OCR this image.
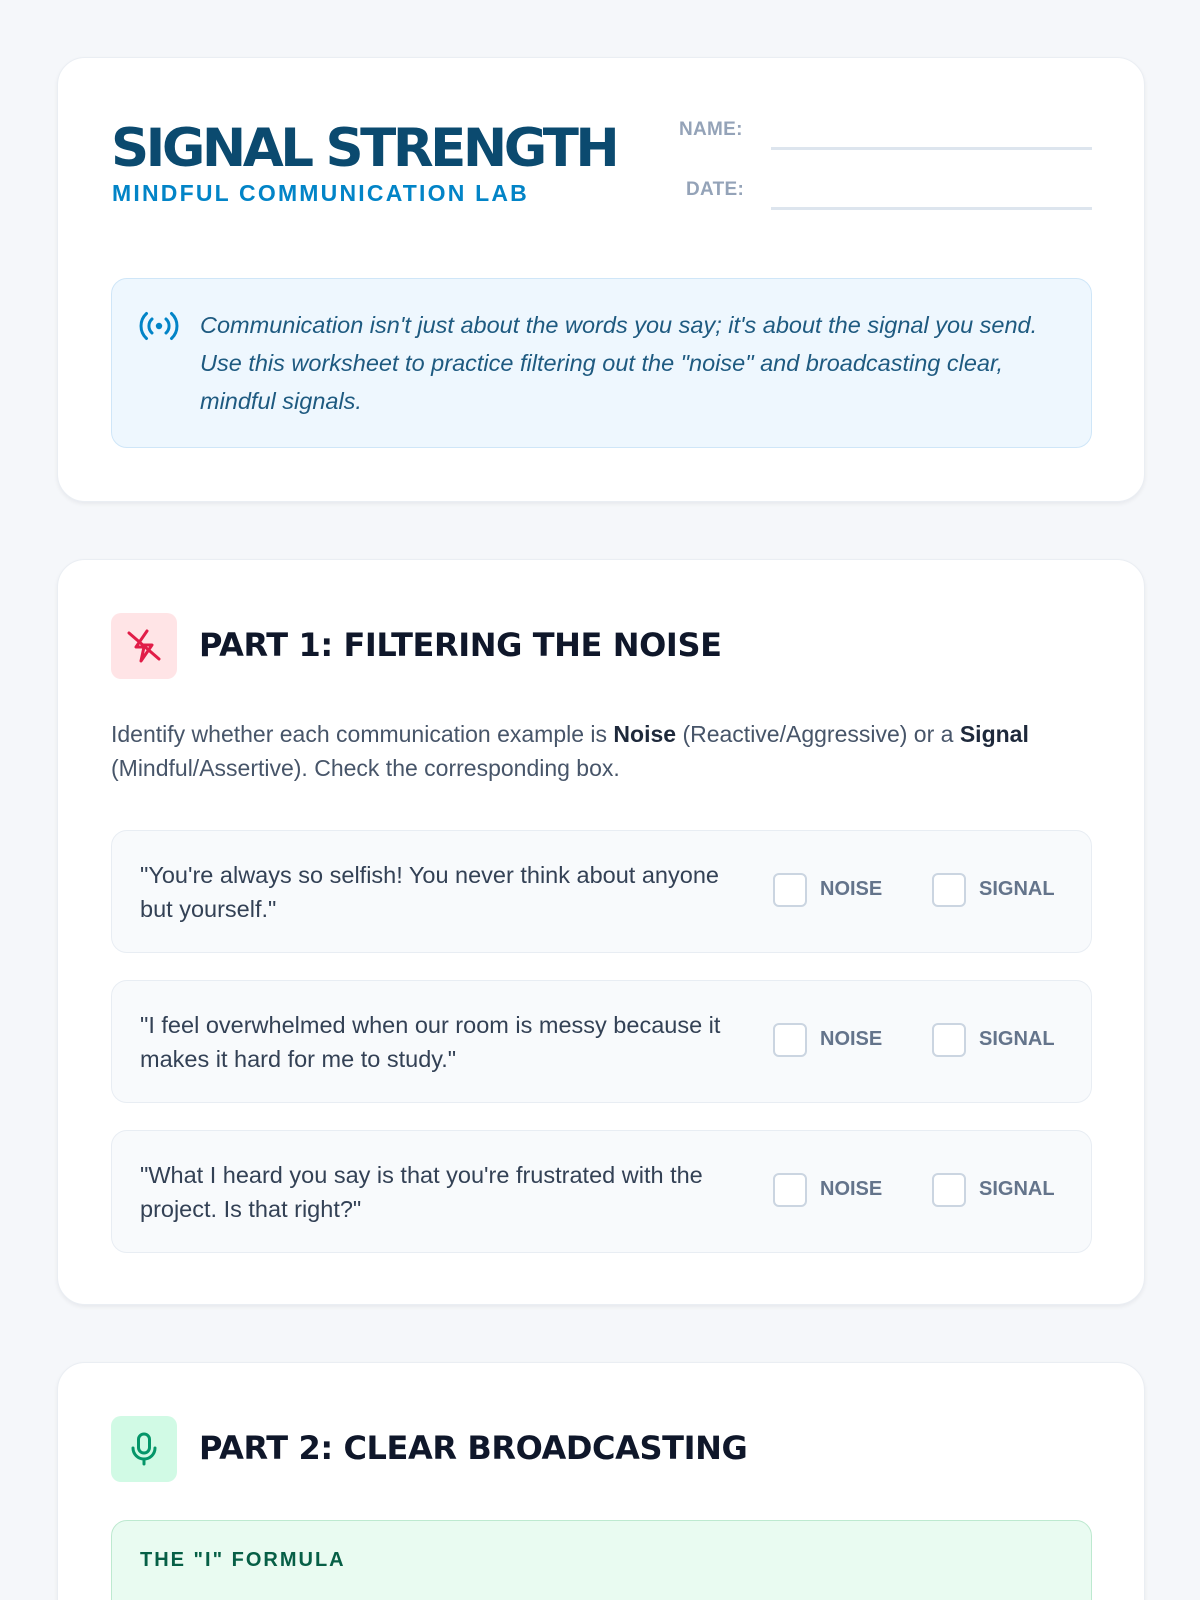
SIGNAL STRENGTH
MINDFUL COMMUNICATION LAB
NAME:
DATE:

Communication isn't just about the words you say; it's about the signal you send. Use this worksheet to practice filtering out the "noise" and broadcasting clear, mindful signals.

PART 1: FILTERING THE NOISE

Identify whether each communication example is Noise (Reactive/Aggressive) or a Signal (Mindful/Assertive). Check the corresponding box.

"You're always so selfish! You never think about anyone but yourself."

NOISE	SIGNAL

"I feel overwhelmed when our room is messy because it makes it hard for me to study."

NOISE	SIGNAL

"What I heard you say is that you're frustrated with the project. Is that right?"

NOISE	SIGNAL
PART 2: CLEAR BROADCASTING
THE "I" FORMULA
